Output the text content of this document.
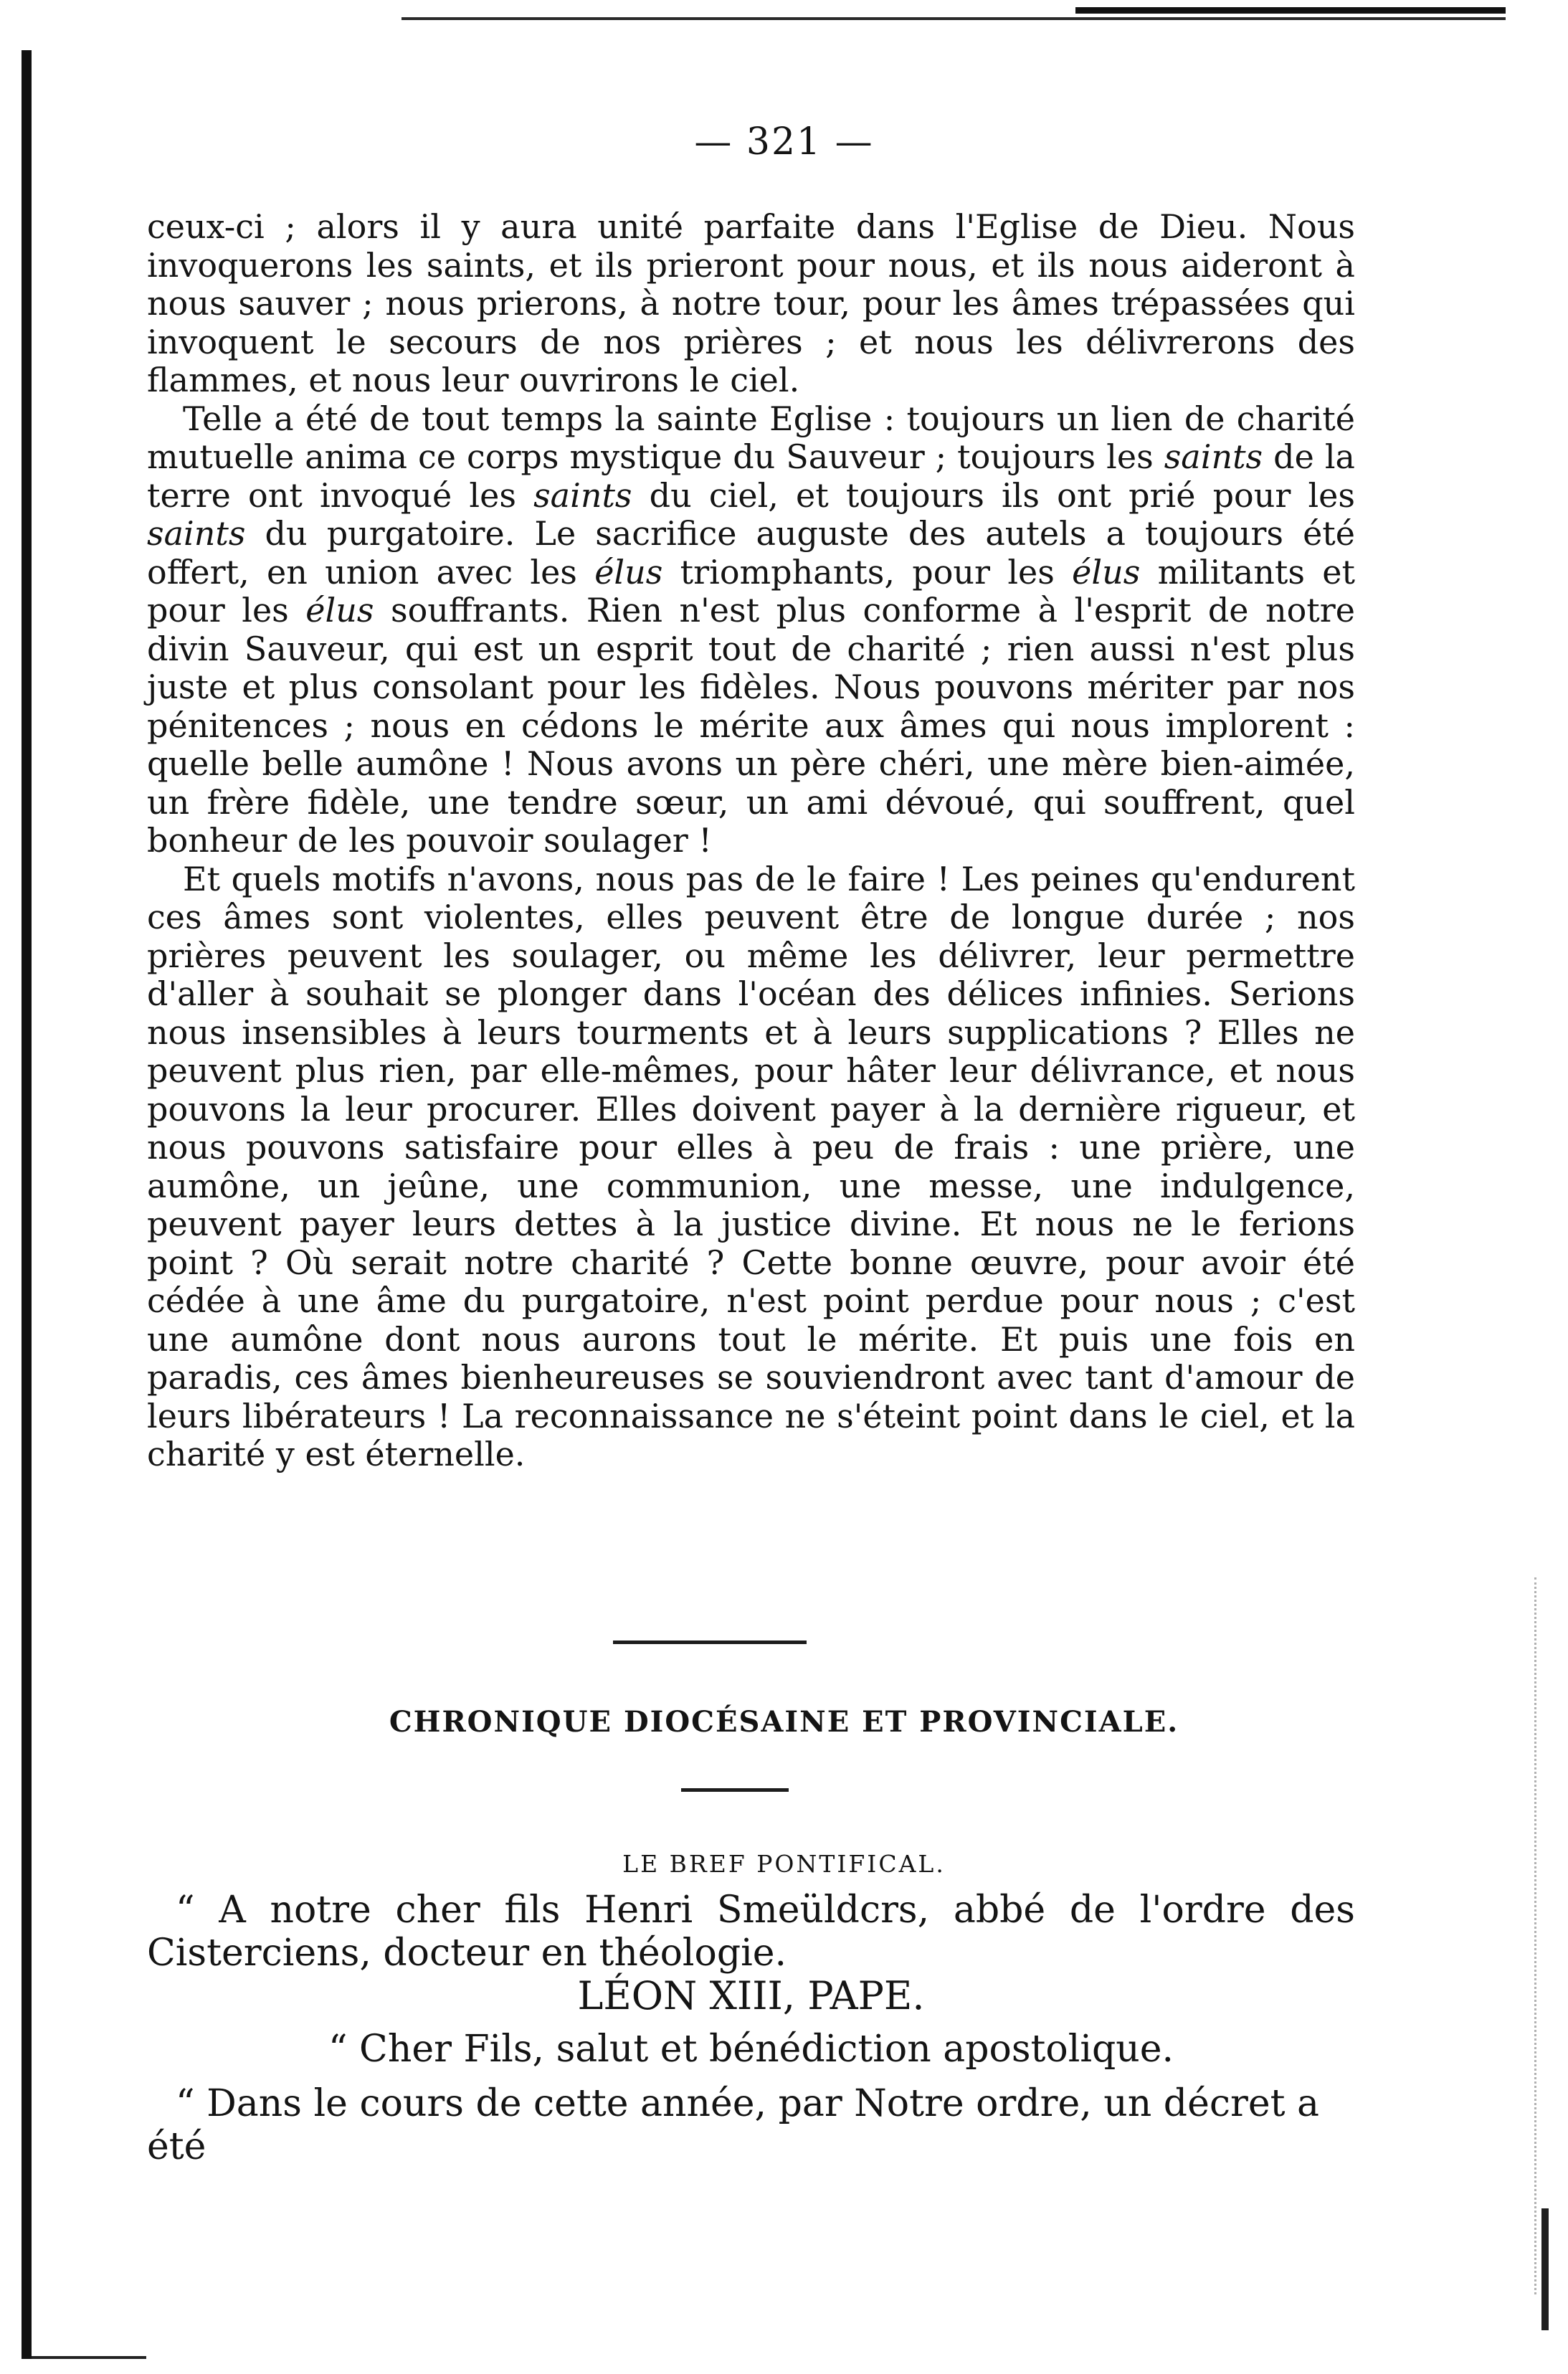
— 321 —

ceux-ci ; alors il y aura unité parfaite dans l'Eglise de Dieu. Nous invoquerons les saints, et ils prieront pour nous, et ils nous aideront à nous sauver ; nous prierons, à notre tour, pour les âmes trépassées qui invoquent le secours de nos prières ; et nous les délivrerons des flammes, et nous leur ouvrirons le ciel.

Telle a été de tout temps la sainte Eglise : toujours un lien de charité mutuelle anima ce corps mystique du Sauveur ; toujours les saints de la terre ont invoqué les saints du ciel, et toujours ils ont prié pour les saints du purgatoire. Le sacrifice auguste des autels a toujours été offert, en union avec les élus triomphants, pour les élus militants et pour les élus souffrants. Rien n'est plus conforme à l'esprit de notre divin Sauveur, qui est un esprit tout de charité ; rien aussi n'est plus juste et plus consolant pour les fidèles. Nous pouvons mériter par nos pénitences ; nous en cédons le mérite aux âmes qui nous implorent : quelle belle aumône ! Nous avons un père chéri, une mère bien-aimée, un frère fidèle, une tendre sœur, un ami dévoué, qui souffrent, quel bonheur de les pouvoir soulager !

Et quels motifs n'avons, nous pas de le faire ! Les peines qu'endurent ces âmes sont violentes, elles peuvent être de longue durée ; nos prières peuvent les soulager, ou même les délivrer, leur permettre d'aller à souhait se plonger dans l'océan des délices infinies. Serions nous insensibles à leurs tourments et à leurs supplications ? Elles ne peuvent plus rien, par elle-mêmes, pour hâter leur délivrance, et nous pouvons la leur procurer. Elles doivent payer à la dernière rigueur, et nous pouvons satisfaire pour elles à peu de frais : une prière, une aumône, un jeûne, une communion, une messe, une indulgence, peuvent payer leurs dettes à la justice divine. Et nous ne le ferions point ? Où serait notre charité ? Cette bonne œuvre, pour avoir été cédée à une âme du purgatoire, n'est point perdue pour nous ; c'est une aumône dont nous aurons tout le mérite. Et puis une fois en paradis, ces âmes bienheureuses se souviendront avec tant d'amour de leurs libérateurs ! La reconnaissance ne s'éteint point dans le ciel, et la charité y est éternelle.

CHRONIQUE DIOCÉSAINE ET PROVINCIALE.
LE BREF PONTIFICAL.

“ A notre cher fils Henri Smeüldcrs, abbé de l'ordre des Cisterciens, docteur en théologie.

LÉON XIII, PAPE.

“ Cher Fils, salut et bénédiction apostolique.

“ Dans le cours de cette année, par Notre ordre, un décret a été
